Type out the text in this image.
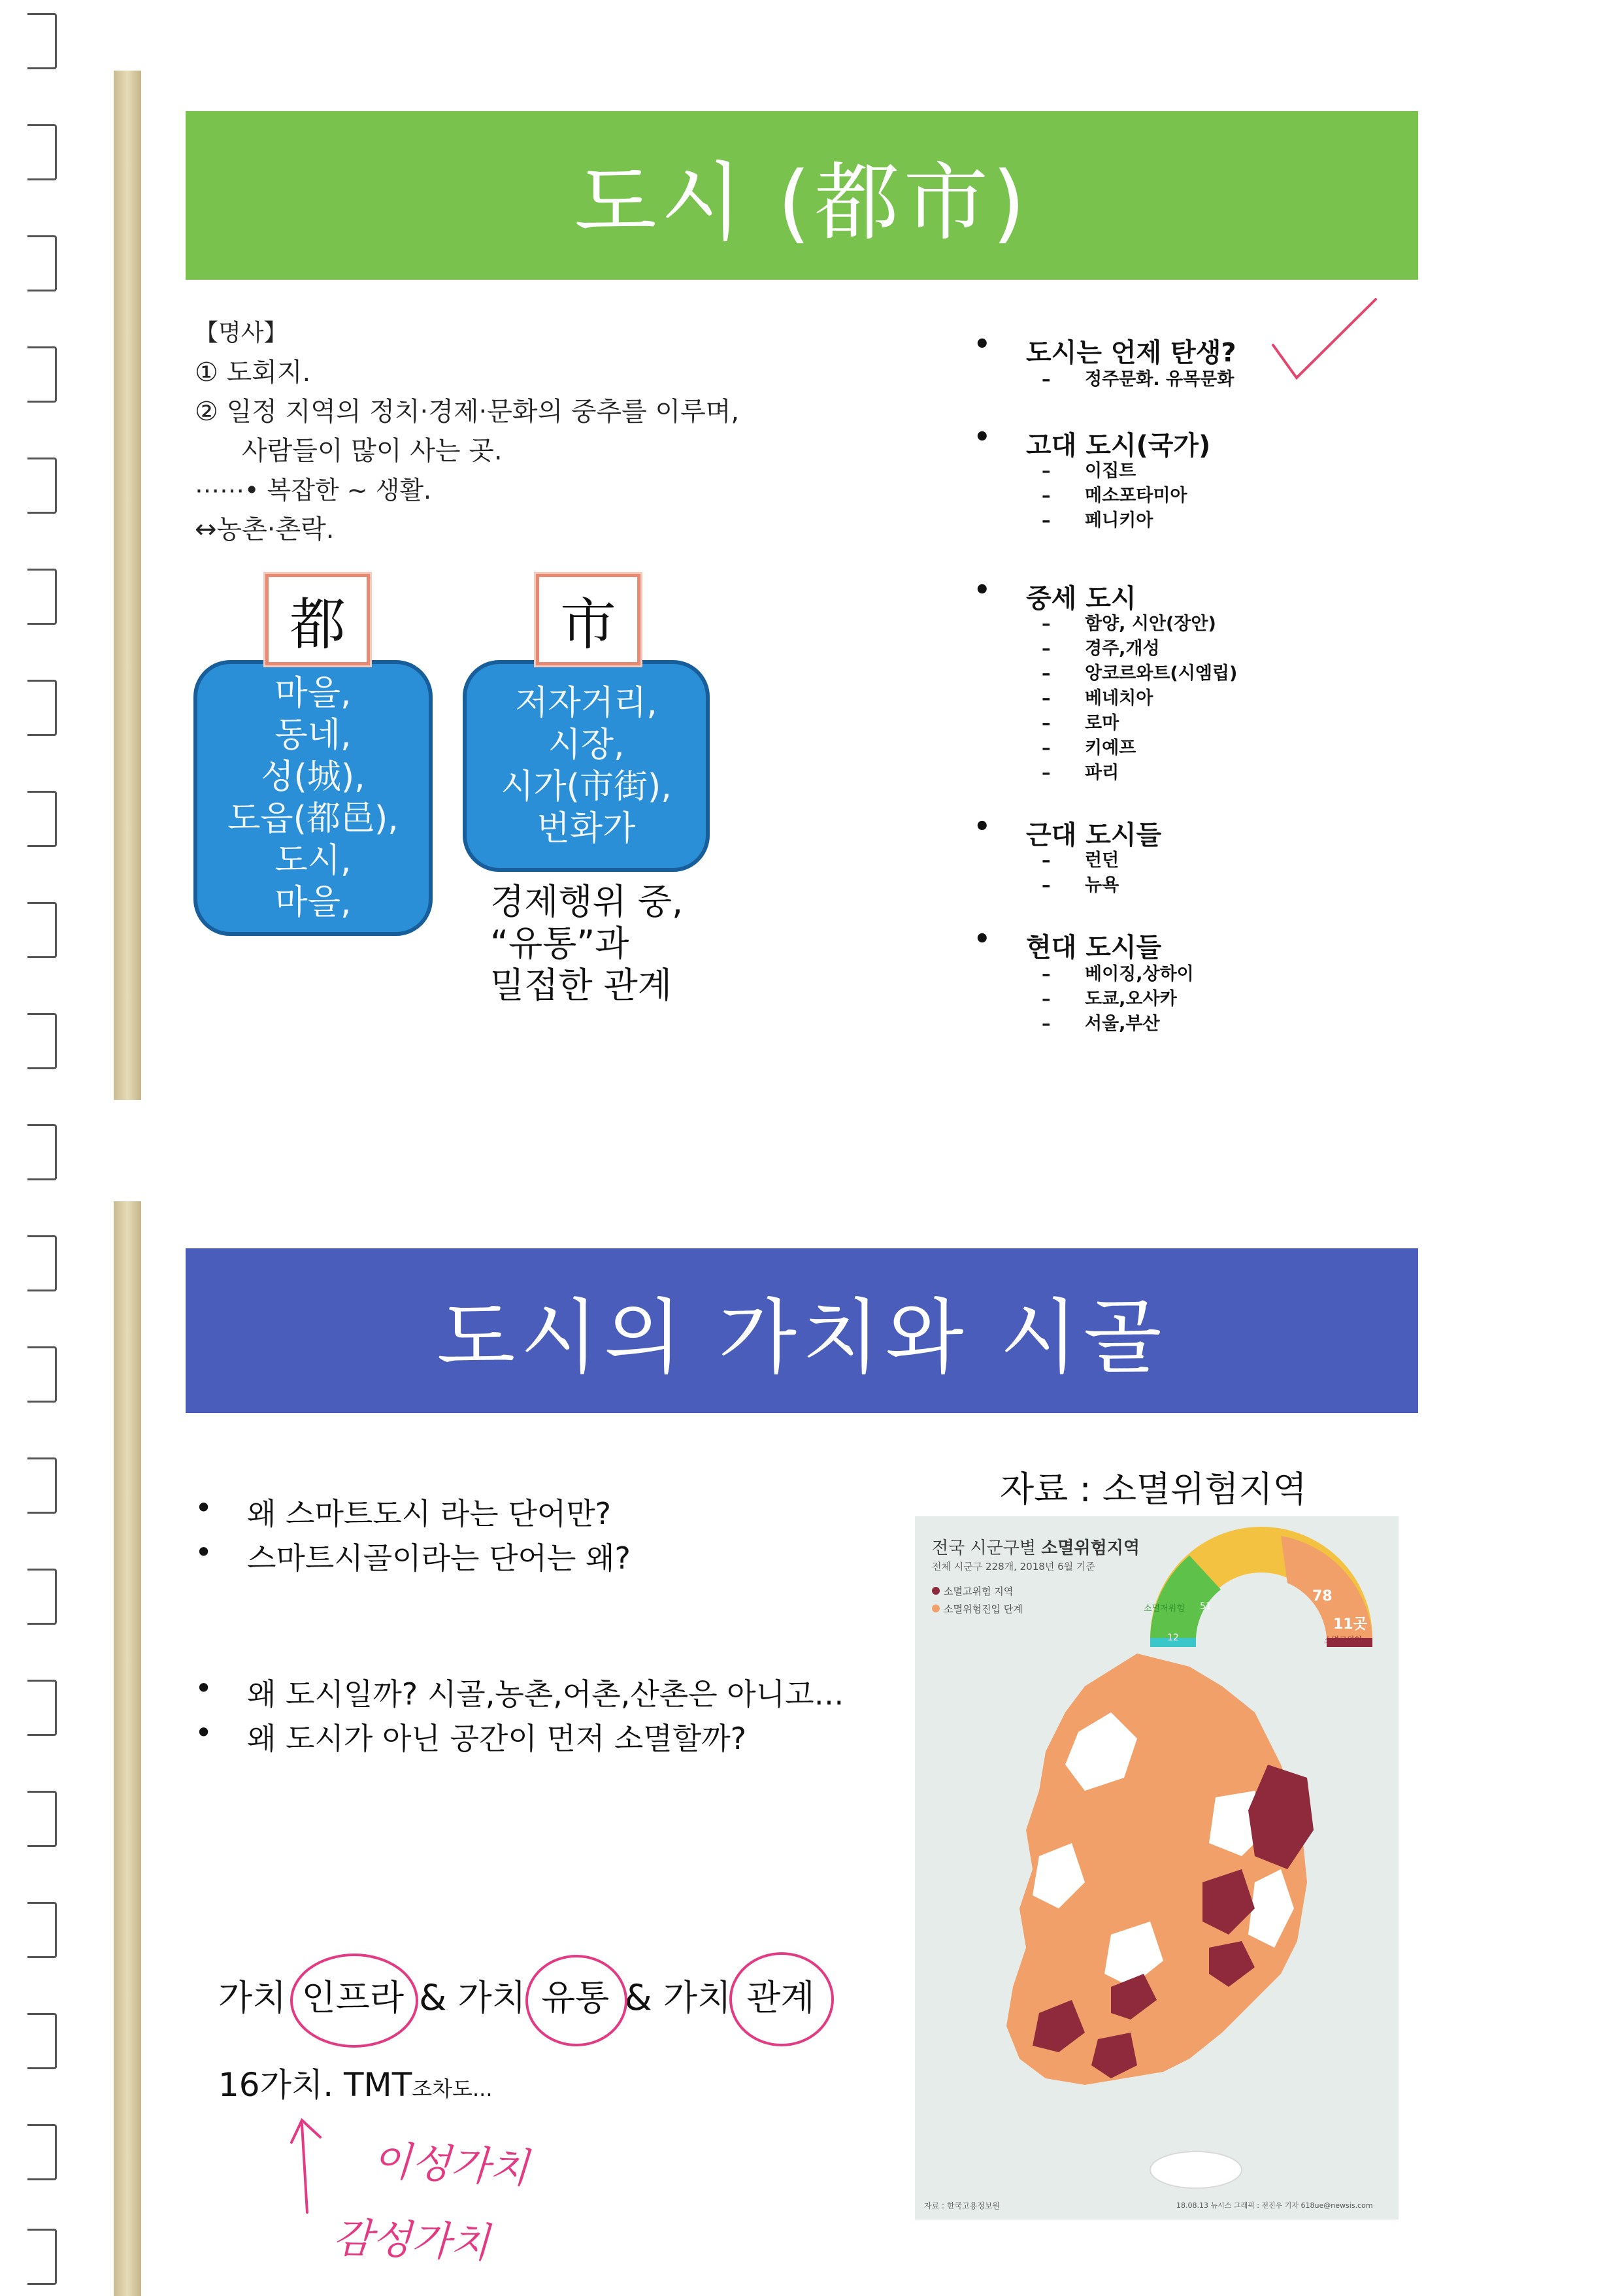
도시 (都市)
【명사】
① 도회지.
② 일정 지역의 정치·경제·문화의 중추를 이루며,
사람들이 많이 사는 곳.
⋯⋯• 복잡한 ~ 생활.
↔농촌·촌락.
都
마을,
동네,
성(城),
도읍(都邑),
도시,
마을,
市
저자거리,
시장,
시가(市街),
번화가
경제행위 중,
“유통”과
밀접한 관계
• 도시는 언제 탄생?
– 정주문화. 유목문화
• 고대 도시(국가)
– 이집트
– 메소포타미아
– 페니키아
• 중세 도시
– 함양, 시안(장안)
– 경주,개성
– 앙코르와트(시엠립)
– 베네치아
– 로마
– 키예프
– 파리
• 근대 도시들
– 런던
– 뉴욕
• 현대 도시들
– 베이징,상하이
– 도쿄,오사카
– 서울,부산
도시의 가치와 시골
• 왜 스마트도시 라는 단어만?
• 스마트시골이라는 단어는 왜?
• 왜 도시일까? 시골,농촌,어촌,산촌은 아니고…
• 왜 도시가 아닌 공간이 먼저 소멸할까?
자료 : 소멸위험지역
가치 인프라 & 가치 유통 & 가치 관계
16가치. TMT조차도...
이성가치
감성가치
전국 시군구별 소멸위험지역
전체 시군구 228개, 2018년 6월 기준
소멸고위험 지역
소멸위험진입 단계	소멸저위험
12
51
78
11곳
소멸고위험
자료 : 한국고용정보원	18.08.13 뉴시스 그래픽 : 전진우 기자 618ue@newsis.com
